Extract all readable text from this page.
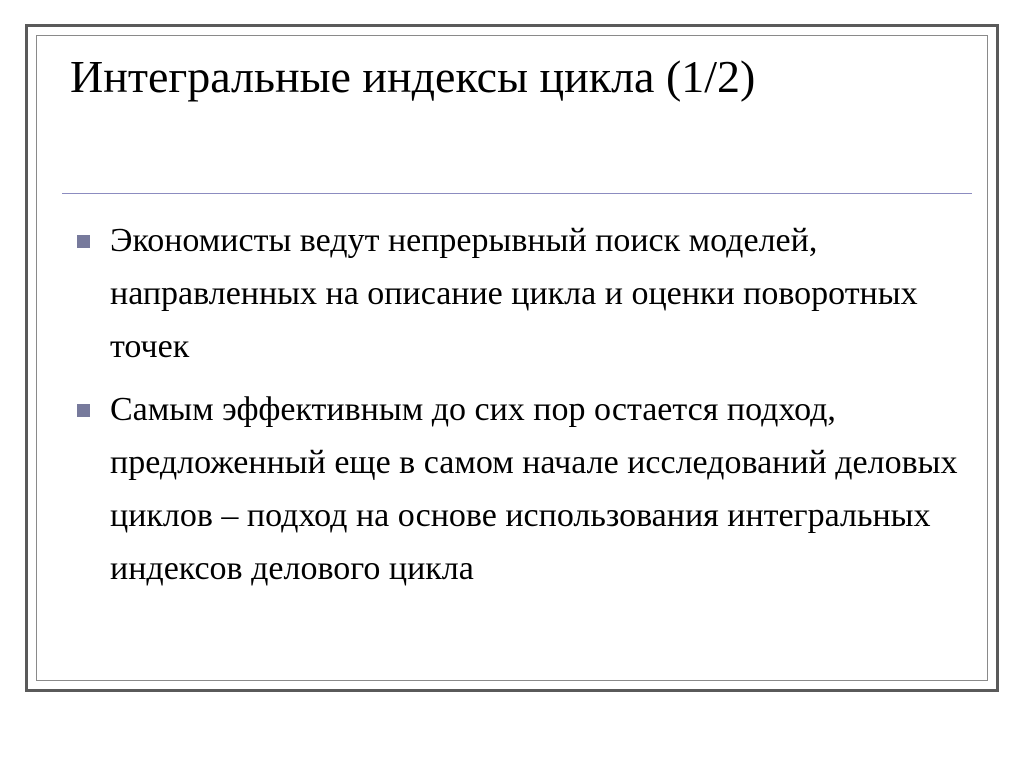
Интегральные индексы цикла (1/2)
Экономисты ведут непрерывный поиск моделей, направленных на описание цикла и оценки поворотных точек
Самым эффективным до сих пор остается подход, предложенный еще в самом начале исследований деловых циклов – подход на основе использования интегральных индексов делового цикла
